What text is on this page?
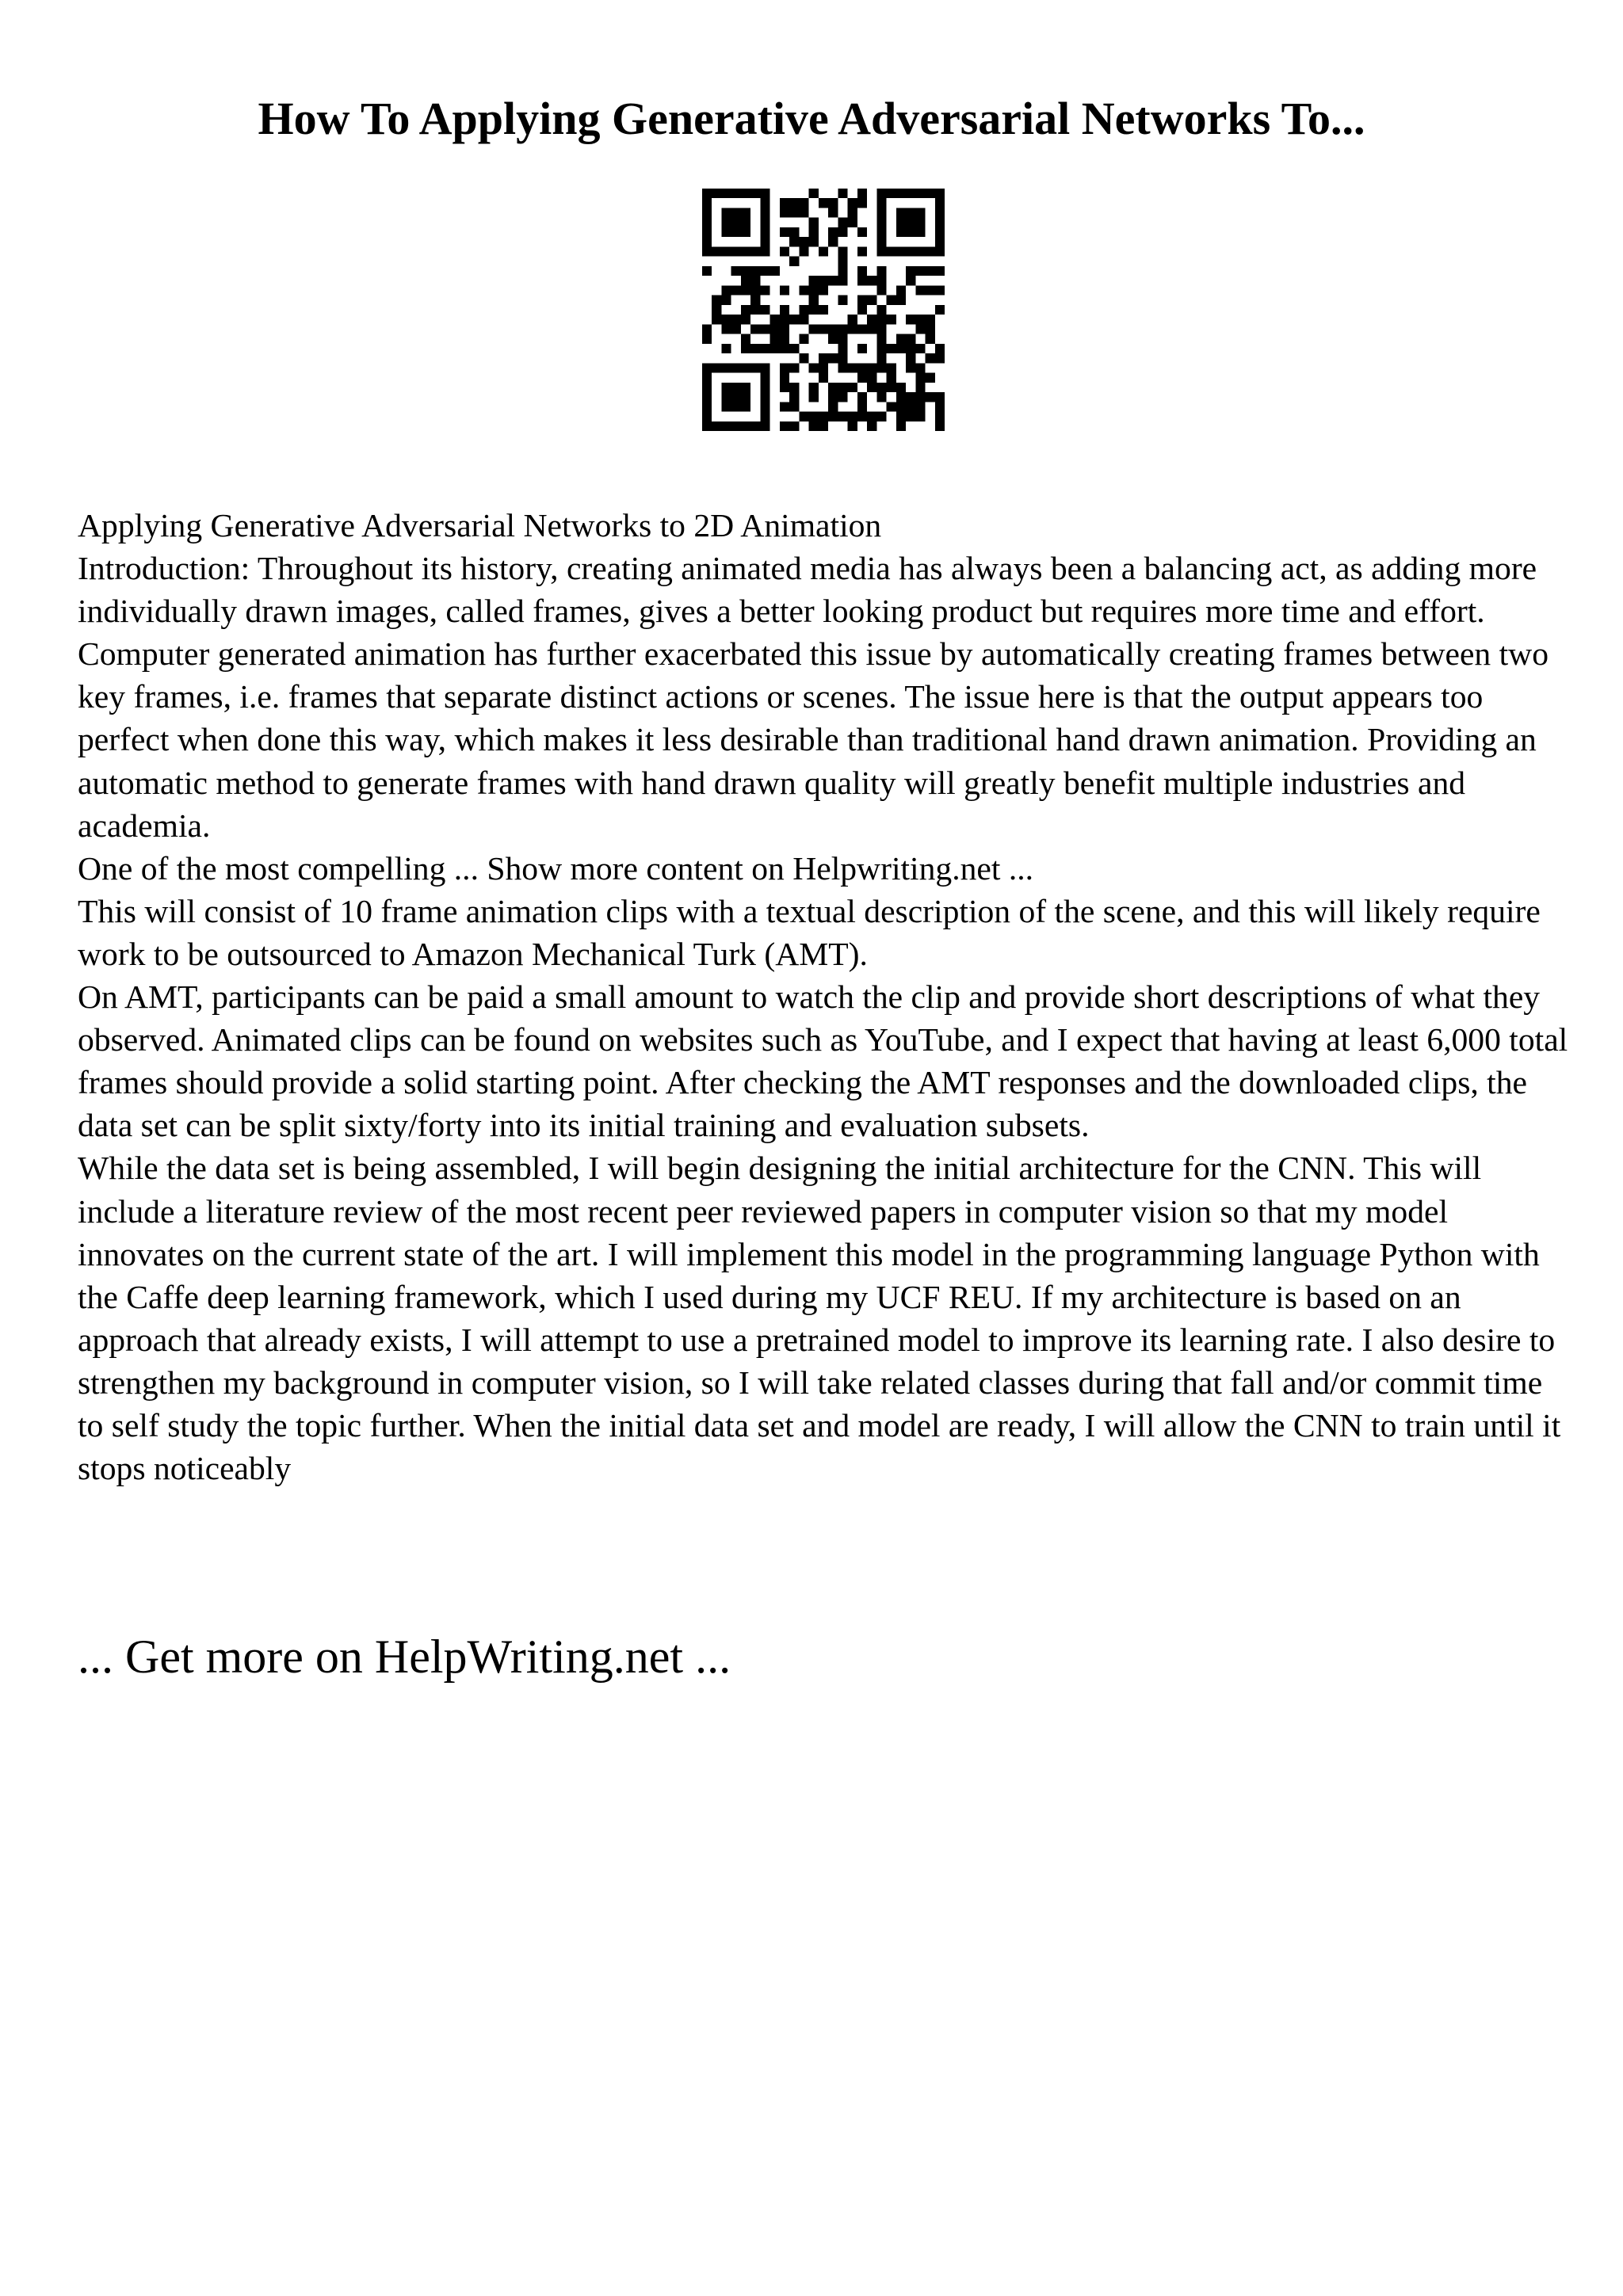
How To Applying Generative Adversarial Networks To...

Applying Generative Adversarial Networks to 2D Animation

Introduction: Throughout its history, creating animated media has always been a balancing act, as adding more individually drawn images, called frames, gives a better looking product but requires more time and effort. Computer generated animation has further exacerbated this issue by automatically creating frames between two key frames, i.e. frames that separate distinct actions or scenes. The issue here is that the output appears too perfect when done this way, which makes it less desirable than traditional hand drawn animation. Providing an automatic method to generate frames with hand drawn quality will greatly benefit multiple industries and academia.

One of the most compelling ... Show more content on Helpwriting.net ...

This will consist of 10 frame animation clips with a textual description of the scene, and this will likely require work to be outsourced to Amazon Mechanical Turk (AMT).

On AMT, participants can be paid a small amount to watch the clip and provide short descriptions of what they observed. Animated clips can be found on websites such as YouTube, and I expect that having at least 6,000 total frames should provide a solid starting point. After checking the AMT responses and the downloaded clips, the data set can be split sixty/forty into its initial training and evaluation subsets.

While the data set is being assembled, I will begin designing the initial architecture for the CNN. This will include a literature review of the most recent peer reviewed papers in computer vision so that my model innovates on the current state of the art. I will implement this model in the programming language Python with the Caffe deep learning framework, which I used during my UCF REU. If my architecture is based on an approach that already exists, I will attempt to use a pretrained model to improve its learning rate. I also desire to strengthen my background in computer vision, so I will take related classes during that fall and/or commit time to self study the topic further. When the initial data set and model are ready, I will allow the CNN to train until it stops noticeably

... Get more on HelpWriting.net ...
